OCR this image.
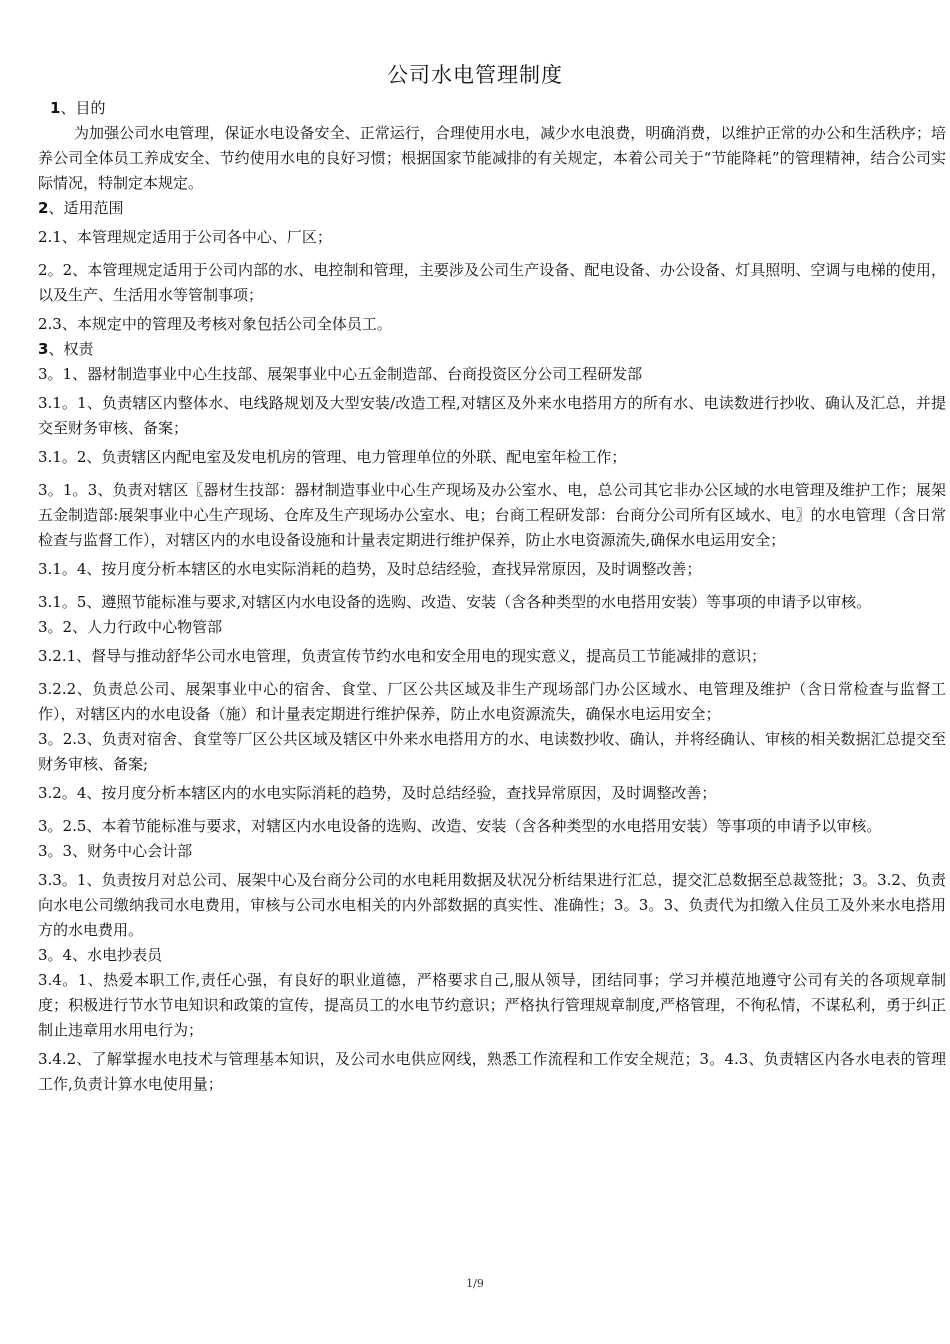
公司水电管理制度
1、目的

为加强公司水电管理，保证水电设备安全、正常运行，合理使用水电，减少水电浪费，明确消费，以维护正常的办公和生活秩序；培养公司全体员工养成安全、节约使用水电的良好习惯；根据国家节能减排的有关规定，本着公司关于“节能降耗”的管理精神，结合公司实际情况，特制定本规定。

2、适用范围

2.1、本管理规定适用于公司各中心、厂区；

2。2、本管理规定适用于公司内部的水、电控制和管理，主要涉及公司生产设备、配电设备、办公设备、灯具照明、空调与电梯的使用，以及生产、生活用水等管制事项；

2.3、本规定中的管理及考核对象包括公司全体员工。

3、权责

3。1、器材制造事业中心生技部、展架事业中心五金制造部、台商投资区分公司工程研发部

3.1。1、负责辖区内整体水、电线路规划及大型安装/改造工程,对辖区及外来水电搭用方的所有水、电读数进行抄收、确认及汇总，并提交至财务审核、备案；

3.1。2、负责辖区内配电室及发电机房的管理、电力管理单位的外联、配电室年检工作；

3。1。3、负责对辖区〖器材生技部：器材制造事业中心生产现场及办公室水、电，总公司其它非办公区域的水电管理及维护工作；展架五金制造部:展架事业中心生产现场、仓库及生产现场办公室水、电；台商工程研发部：台商分公司所有区域水、电〗的水电管理（含日常检查与监督工作），对辖区内的水电设备设施和计量表定期进行维护保养，防止水电资源流失,确保水电运用安全；

3.1。4、按月度分析本辖区的水电实际消耗的趋势，及时总结经验，查找异常原因，及时调整改善；

3.1。5、遵照节能标准与要求,对辖区内水电设备的选购、改造、安装（含各种类型的水电搭用安装）等事项的申请予以审核。

3。2、人力行政中心物管部

3.2.1、督导与推动舒华公司水电管理，负责宣传节约水电和安全用电的现实意义，提高员工节能减排的意识；

3.2.2、负责总公司、展架事业中心的宿舍、食堂、厂区公共区域及非生产现场部门办公区域水、电管理及维护（含日常检查与监督工作），对辖区内的水电设备（施）和计量表定期进行维护保养，防止水电资源流失，确保水电运用安全；

3。2.3、负责对宿舍、食堂等厂区公共区域及辖区中外来水电搭用方的水、电读数抄收、确认，并将经确认、审核的相关数据汇总提交至财务审核、备案;

3.2。4、按月度分析本辖区内的水电实际消耗的趋势，及时总结经验，查找异常原因，及时调整改善；

3。2.5、本着节能标准与要求，对辖区内水电设备的选购、改造、安装（含各种类型的水电搭用安装）等事项的申请予以审核。

3。3、财务中心会计部

3.3。1、负责按月对总公司、展架中心及台商分公司的水电耗用数据及状况分析结果进行汇总，提交汇总数据至总裁签批；3。3.2、负责向水电公司缴纳我司水电费用，审核与公司水电相关的内外部数据的真实性、准确性；3。3。3、负责代为扣缴入住员工及外来水电搭用方的水电费用。

3。4、水电抄表员

3.4。1、热爱本职工作,责任心强，有良好的职业道德，严格要求自己,服从领导，团结同事；学习并模范地遵守公司有关的各项规章制度；积极进行节水节电知识和政策的宣传，提高员工的水电节约意识；严格执行管理规章制度,严格管理，不徇私情，不谋私利，勇于纠正制止违章用水用电行为；

3.4.2、了解掌握水电技术与管理基本知识，及公司水电供应网线，熟悉工作流程和工作安全规范；3。4.3、负责辖区内各水电表的管理工作,负责计算水电使用量；

1/9
